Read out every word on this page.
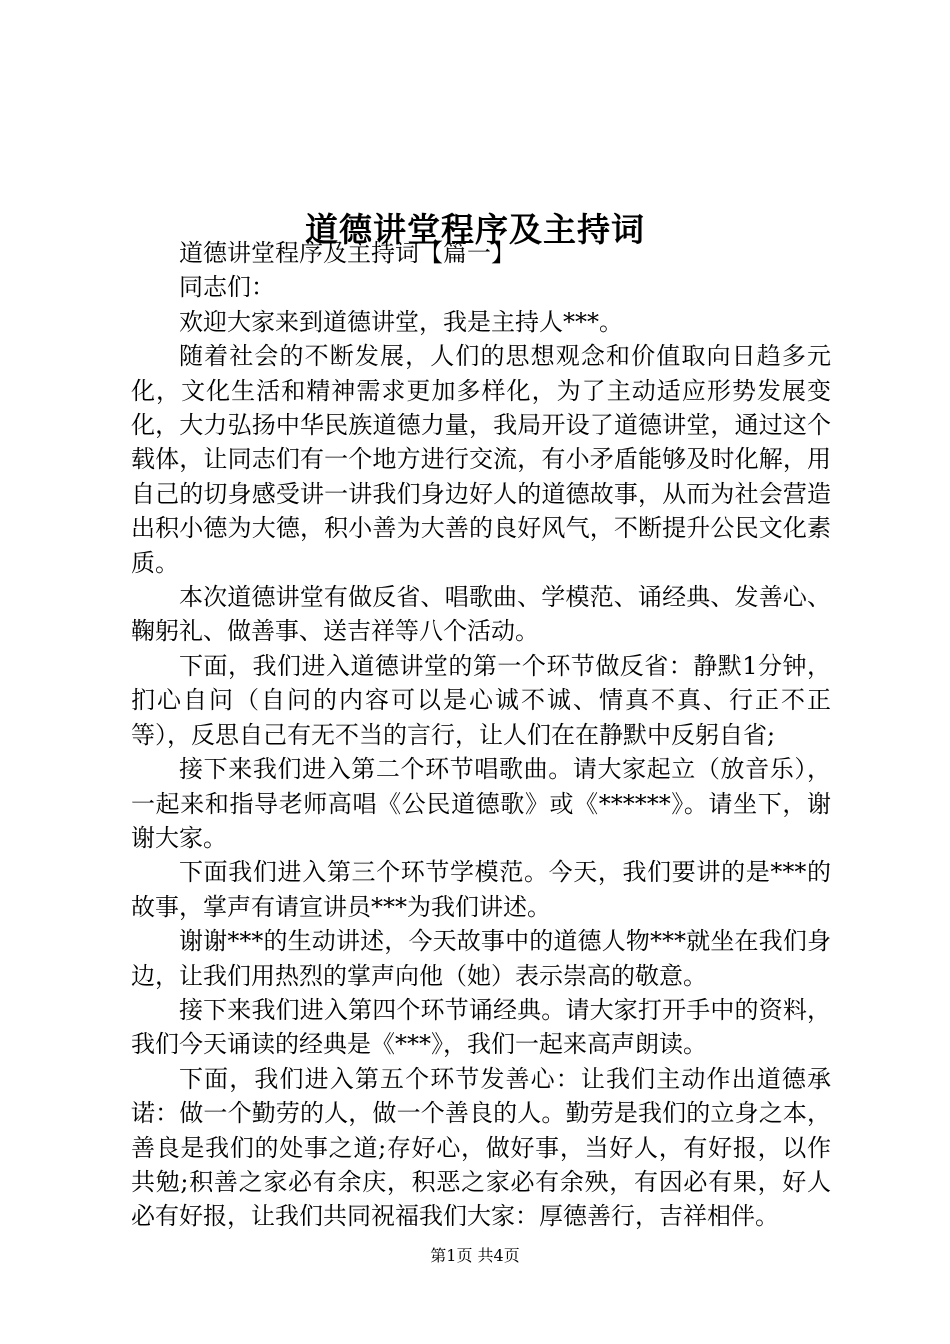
道德讲堂程序及主持词

道德讲堂程序及主持词【篇一】

同志们：

欢迎大家来到道德讲堂，我是主持人***。

随着社会的不断发展，人们的思想观念和价值取向日趋多元化，文化生活和精神需求更加多样化，为了主动适应形势发展变化，大力弘扬中华民族道德力量，我局开设了道德讲堂，通过这个载体，让同志们有一个地方进行交流，有小矛盾能够及时化解，用自己的切身感受讲一讲我们身边好人的道德故事，从而为社会营造出积小德为大德，积小善为大善的良好风气，不断提升公民文化素质。

本次道德讲堂有做反省、唱歌曲、学模范、诵经典、发善心、鞠躬礼、做善事、送吉祥等八个活动。

下面，我们进入道德讲堂的第一个环节做反省：静默1分钟，扪心自问（自问的内容可以是心诚不诚、情真不真、行正不正等），反思自己有无不当的言行，让人们在在静默中反躬自省;

接下来我们进入第二个环节唱歌曲。请大家起立（放音乐），一起来和指导老师高唱《公民道德歌》或《******》。请坐下，谢谢大家。

下面我们进入第三个环节学模范。今天，我们要讲的是***的故事，掌声有请宣讲员***为我们讲述。

谢谢***的生动讲述，今天故事中的道德人物***就坐在我们身边，让我们用热烈的掌声向他（她）表示崇高的敬意。

接下来我们进入第四个环节诵经典。请大家打开手中的资料，我们今天诵读的经典是《***》，我们一起来高声朗读。

下面，我们进入第五个环节发善心：让我们主动作出道德承诺：做一个勤劳的人，做一个善良的人。勤劳是我们的立身之本，善良是我们的处事之道;存好心，做好事，当好人，有好报，以作共勉;积善之家必有余庆，积恶之家必有余殃，有因必有果，好人必有好报，让我们共同祝福我们大家：厚德善行，吉祥相伴。

第1页 共4页
